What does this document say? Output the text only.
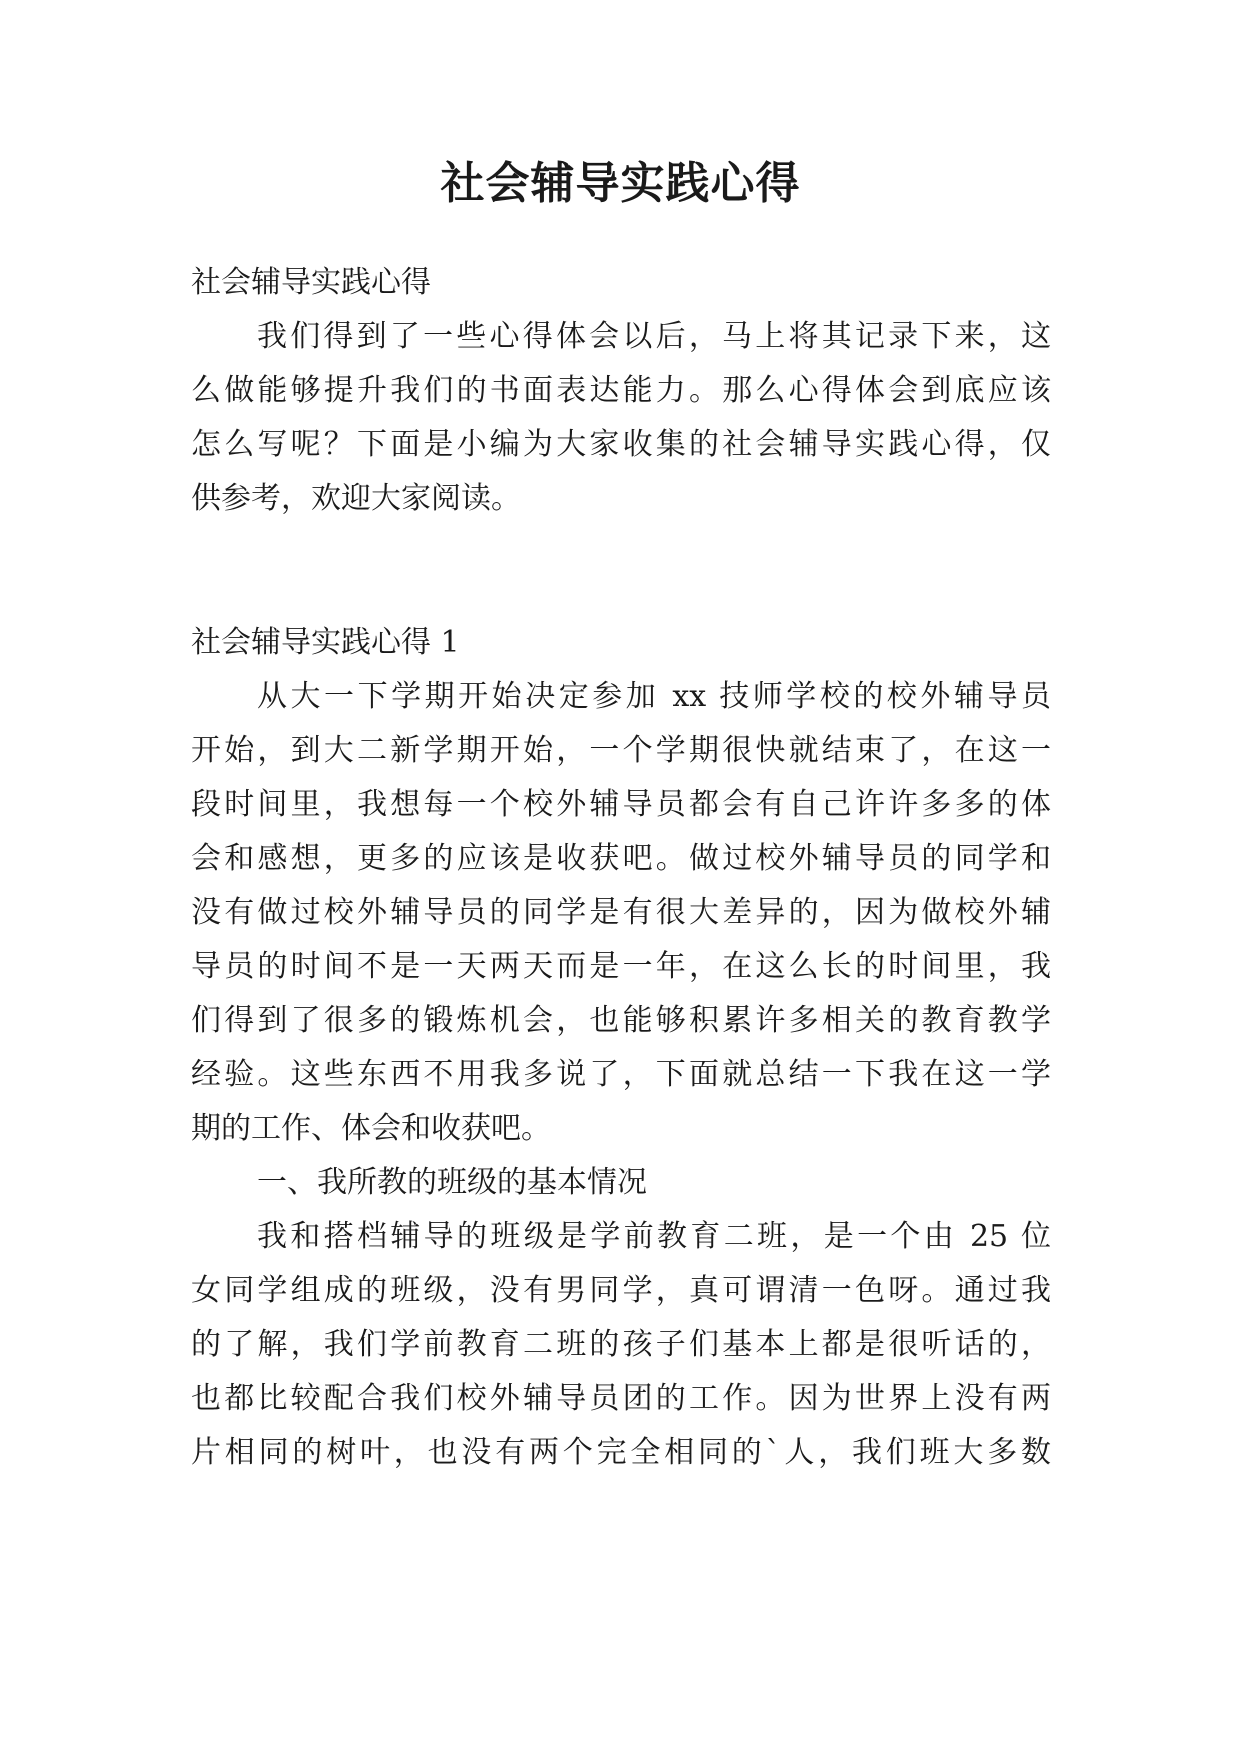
社会辅导实践心得
社会辅导实践心得
我们得到了一些心得体会以后，马上将其记录下来，这
么做能够提升我们的书面表达能力。那么心得体会到底应该
怎么写呢？下面是小编为大家收集的社会辅导实践心得，仅
供参考，欢迎大家阅读。
社会辅导实践心得 1
从大一下学期开始决定参加 xx 技师学校的校外辅导员
开始，到大二新学期开始，一个学期很快就结束了，在这一
段时间里，我想每一个校外辅导员都会有自己许许多多的体
会和感想，更多的应该是收获吧。做过校外辅导员的同学和
没有做过校外辅导员的同学是有很大差异的，因为做校外辅
导员的时间不是一天两天而是一年，在这么长的时间里，我
们得到了很多的锻炼机会，也能够积累许多相关的教育教学
经验。这些东西不用我多说了，下面就总结一下我在这一学
期的工作、体会和收获吧。
一、我所教的班级的基本情况
我和搭档辅导的班级是学前教育二班，是一个由 25 位
女同学组成的班级，没有男同学，真可谓清一色呀。通过我
的了解，我们学前教育二班的孩子们基本上都是很听话的，
也都比较配合我们校外辅导员团的工作。因为世界上没有两
片相同的树叶，也没有两个完全相同的`人，我们班大多数
